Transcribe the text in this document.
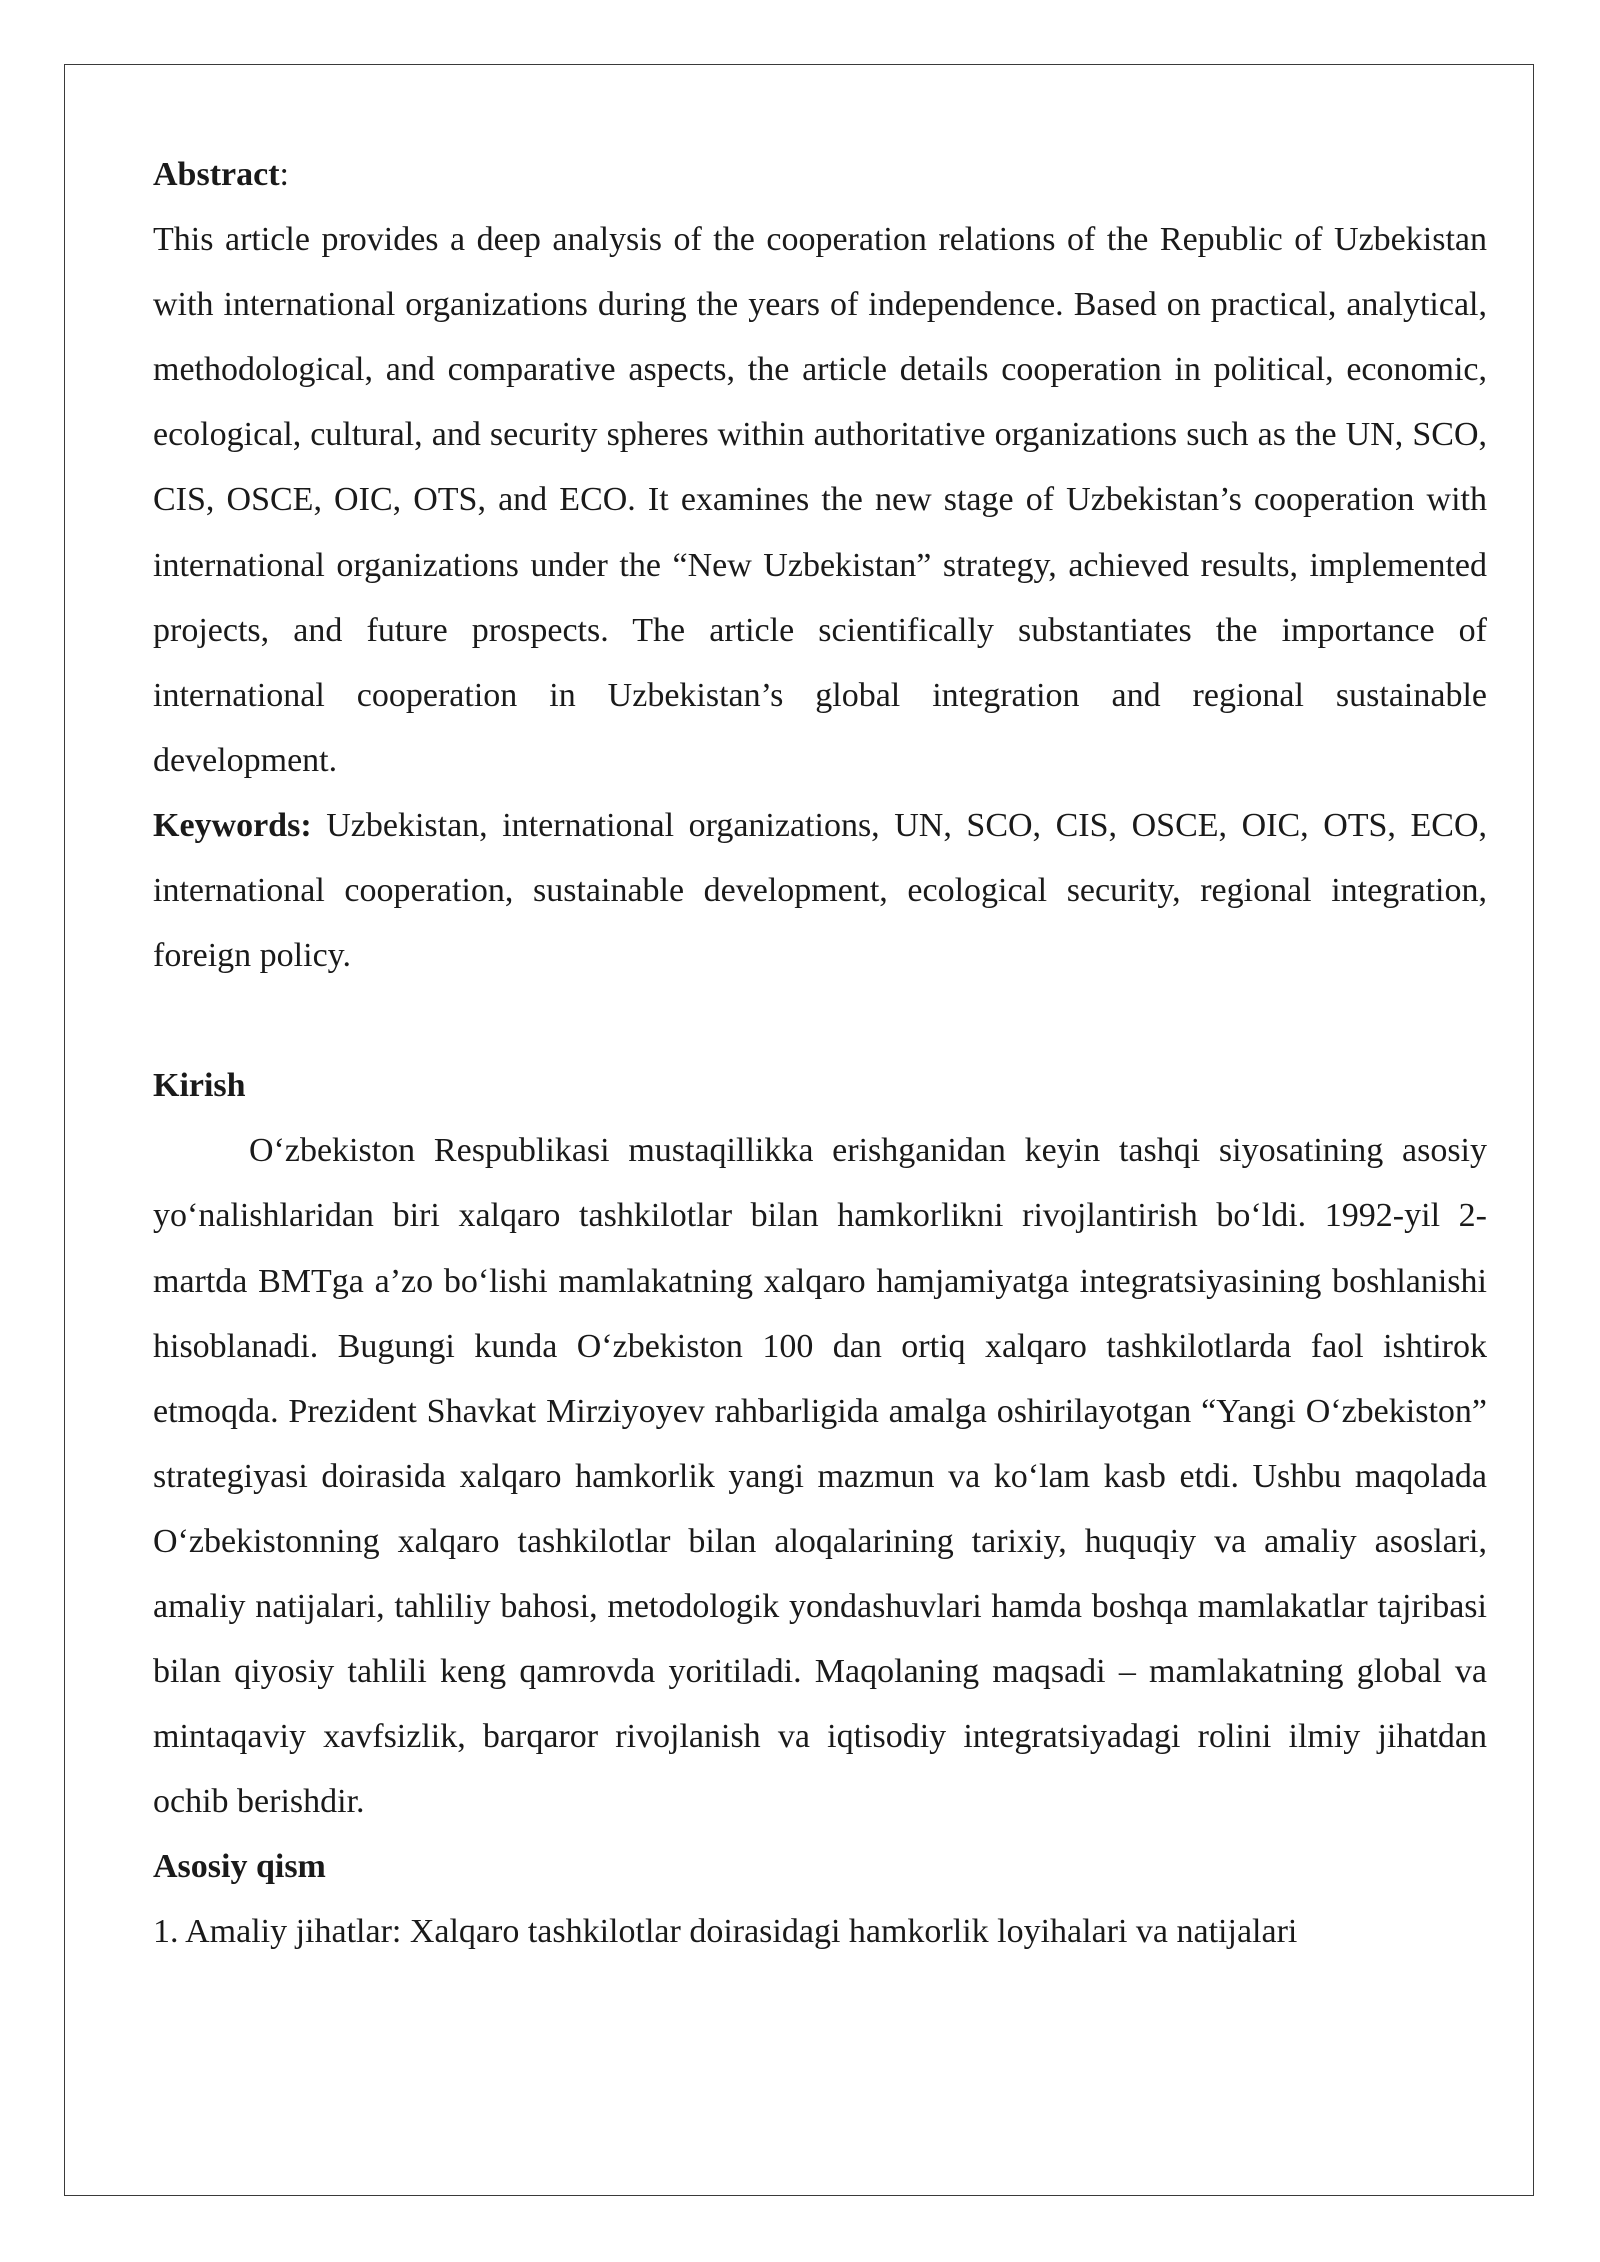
Abstract:

This article provides a deep analysis of the cooperation relations of the Republic of Uzbekistan with international organizations during the years of independence. Based on practical, analytical, methodological, and comparative aspects, the article details cooperation in political, economic, ecological, cultural, and security spheres within authoritative organizations such as the UN, SCO, CIS, OSCE, OIC, OTS, and ECO. It examines the new stage of Uzbekistan’s cooperation with international organizations under the “New Uzbekistan” strategy, achieved results, implemented projects, and future prospects. The article scientifically substantiates the importance of international cooperation in Uzbekistan’s global integration and regional sustainable development.

Keywords: Uzbekistan, international organizations, UN, SCO, CIS, OSCE, OIC, OTS, ECO, international cooperation, sustainable development, ecological security, regional integration, foreign policy.

Kirish

O‘zbekiston Respublikasi mustaqillikka erishganidan keyin tashqi siyosatining asosiy yo‘nalishlaridan biri xalqaro tashkilotlar bilan hamkorlikni rivojlantirish bo‘ldi. 1992-yil 2-martda BMTga a’zo bo‘lishi mamlakatning xalqaro hamjamiyatga integratsiyasining boshlanishi hisoblanadi. Bugungi kunda O‘zbekiston 100 dan ortiq xalqaro tashkilotlarda faol ishtirok etmoqda. Prezident Shavkat Mirziyoyev rahbarligida amalga oshirilayotgan “Yangi O‘zbekiston” strategiyasi doirasida xalqaro hamkorlik yangi mazmun va ko‘lam kasb etdi. Ushbu maqolada O‘zbekistonning xalqaro tashkilotlar bilan aloqalarining tarixiy, huquqiy va amaliy asoslari, amaliy natijalari, tahliliy bahosi, metodologik yondashuvlari hamda boshqa mamlakatlar tajribasi bilan qiyosiy tahlili keng qamrovda yoritiladi. Maqolaning maqsadi – mamlakatning global va mintaqaviy xavfsizlik, barqaror rivojlanish va iqtisodiy integratsiyadagi rolini ilmiy jihatdan ochib berishdir.

Asosiy qism

1. Amaliy jihatlar: Xalqaro tashkilotlar doirasidagi hamkorlik loyihalari va natijalari
